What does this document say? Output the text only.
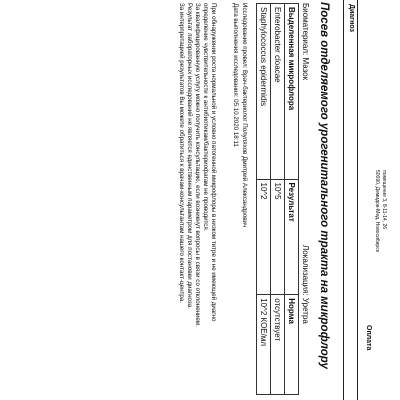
помещение 3, 8-11-14, 26
50090, Демидов-Мед, Новосибирск
Оплата
Диагноз
Посев отделяемого урогенитального тракта на микрофлору
Биоматериал: Мазок
Локализация: Уретра
Выделенная микрофлора	Результат	Норма
Enterobacter cloacae	10^5	отсутствует
Staphylococcus epidermidis	10^2	10^2 КОЕ/мл
Исследование провел: Врач-бактериолог Полуляхов Дмитрий Александрович
Дата выполнения исследования: 05.10.2020 18:11
При обнаружении роста нормальной и условно патогенной микрофлоры в низком титре и не имеющей диагно
определение чувствительности к антибиотикам/бактериофагам не проводится.
За квалифицированную услугу можно получить консультацию, если возникнут вопросы в связи со отклонением.
Результат лабораторных исследований не является единственным параметром для постановки диагноза.
За интерпретацией результатов Вы можете обратиться к врачам-консультантам нашего контакт-центра.
